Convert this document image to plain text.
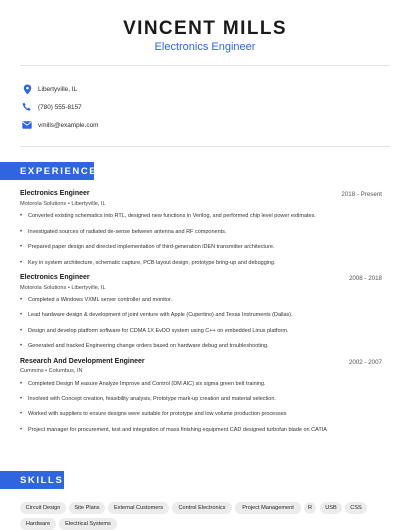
VINCENT MILLS
Electronics Engineer
Libertyville, IL
(780) 555-8157
vmills@example.com
EXPERIENCE
Electronics Engineer	2018 - Present
Motorola Solutions • Libertyville, IL
• Converted existing schematics into RTL, designed new functions in Verilog, and performed chip level power estimates.
• Investigated sources of radiated de-sense between antenna and RF components.
• Prepared paper design and directed implementation of third-generation iDEN transmitter architecture.
• Key in system architecture, schematic capture, PCB layout design, prototype bring-up and debugging.
Electronics Engineer	2008 - 2018
Motorola Solutions • Libertyville, IL
• Completed a Windows VXML server controller and monitor.
• Lead hardware design & development of joint venture with Apple (Cupertino) and Texas Instruments (Dallas).
• Design and develop platform software for CDMA 1X EvDO system using C++ on embedded Linux platform.
• Generated and tracked Engineering change orders based on hardware debug and troubleshooting.
Research And Development Engineer	2002 - 2007
Cummins • Columbus, IN
• Completed Design M easure Analyze Improve and Control (DM AIC) six sigma green belt training.
• Involved with Concept creation, feasibility analysis, Prototype mark-up creation and material selection.
• Worked with suppliers to ensure designs were suitable for prototype and low volume production processes
• Project manager for procurement, test and integration of mass finishing equipment CAD designed turbofan blade on CATIA
SKILLS
Circuit Design	Site Plans	External Customers	Control Electronics	Project Management	R	USB	CSS
Hardware	Electrical Systems
